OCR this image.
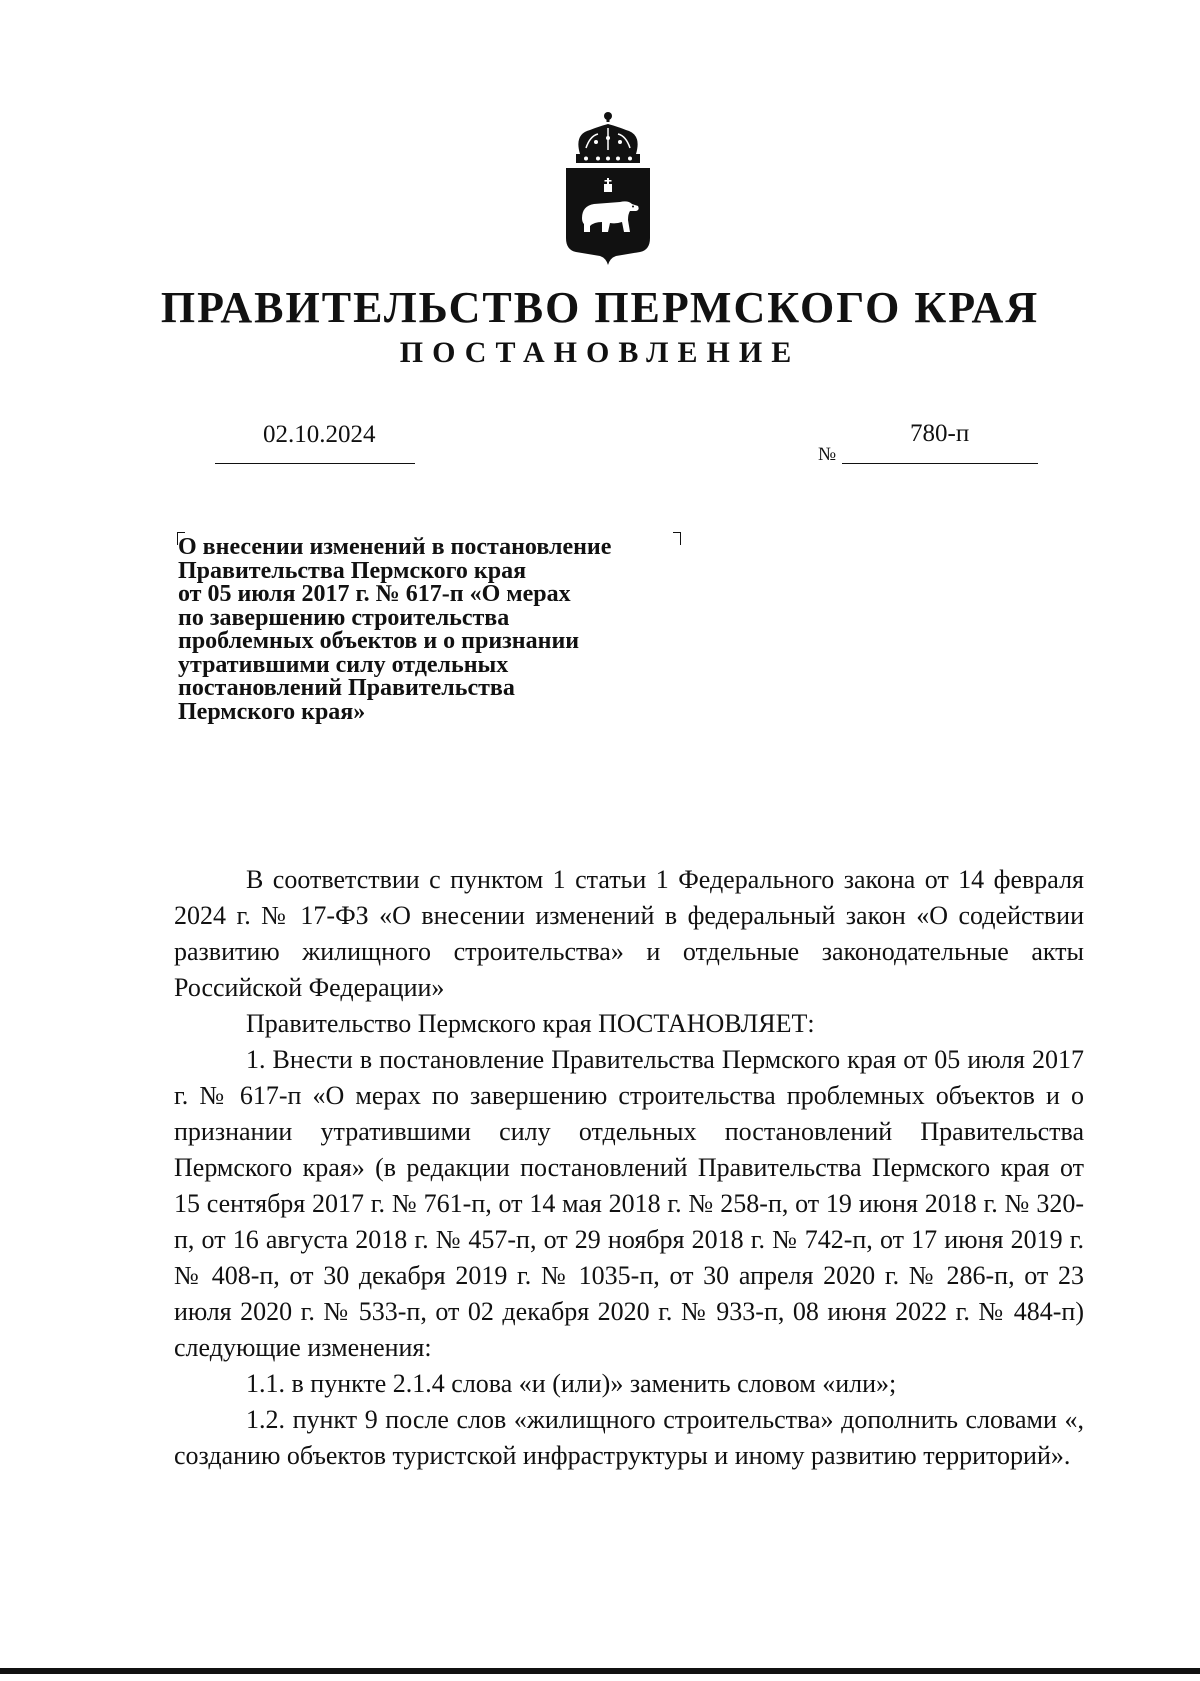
ПРАВИТЕЛЬСТВО ПЕРМСКОГО КРАЯ
ПОСТАНОВЛЕНИЕ
02.10.2024
№
780-п
О внесении изменений в постановление
Правительства Пермского края
от 05 июля 2017 г. № 617-п «О мерах
по завершению строительства
проблемных объектов и о признании
утратившими силу отдельных
постановлений Правительства
Пермского края»

В соответствии с пунктом 1 статьи 1 Федерального закона от 14 февраля 2024 г. № 17-ФЗ «О внесении изменений в федеральный закон «О содействии развитию жилищного строительства» и отдельные законодательные акты Российской Федерации»

Правительство Пермского края ПОСТАНОВЛЯЕТ:

1. Внести в постановление Правительства Пермского края от 05 июля 2017 г. № 617-п «О мерах по завершению строительства проблемных объектов и о признании утратившими силу отдельных постановлений Правительства Пермского края» (в редакции постановлений Правительства Пермского края от 15 сентября 2017 г. № 761-п, от 14 мая 2018 г. № 258-п, от 19 июня 2018 г. № 320-п, от 16 августа 2018 г. № 457-п, от 29 ноября 2018 г. № 742-п, от 17 июня 2019 г. № 408-п, от 30 декабря 2019 г. № 1035-п, от 30 апреля 2020 г. № 286-п, от 23 июля 2020 г. № 533-п, от 02 декабря 2020 г. № 933-п, 08 июня 2022 г. № 484-п) следующие изменения:

1.1. в пункте 2.1.4 слова «и (или)» заменить словом «или»;

1.2. пункт 9 после слов «жилищного строительства» дополнить словами «, созданию объектов туристской инфраструктуры и иному развитию территорий».
